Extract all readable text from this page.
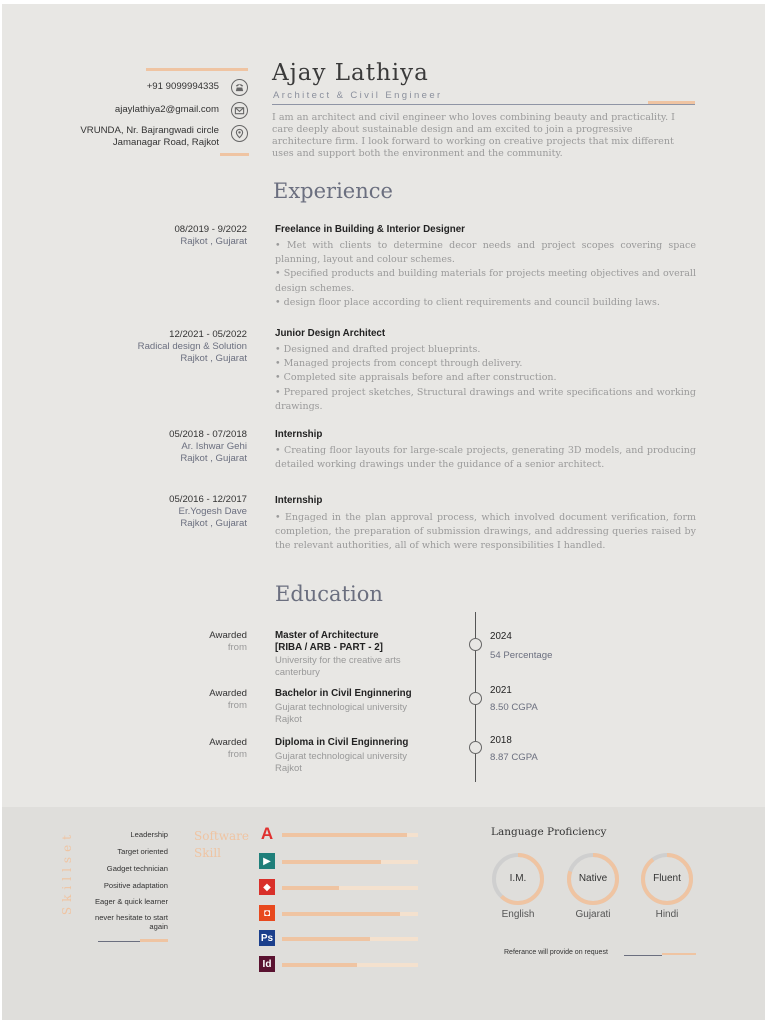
+91 9099994335
ajaylathiya2@gmail.com
VRUNDA, Nr. Bajrangwadi circle
Jamanagar Road, Rajkot
Ajay Lathiya
Architect & Civil Engineer
I am an architect and civil engineer who loves combining beauty and practicality. I care deeply about sustainable design and am excited to join a progressive architecture firm. I look forward to working on creative projects that mix different uses and support both the environment and the community.
Experience
08/2019 - 9/2022
Rajkot , Gujarat
Freelance in Building & Interior Designer
• Met with clients to determine decor needs and project scopes covering space planning, layout and colour schemes.
• Specified products and building materials for projects meeting objectives and overall design schemes.
• design floor place according to client requirements and council building laws.
12/2021 - 05/2022
Radical design & Solution
Rajkot , Gujarat
Junior Design Architect
• Designed and drafted project blueprints.
• Managed projects from concept through delivery.
• Completed site appraisals before and after construction.
• Prepared project sketches, Structural drawings and write specifications and working drawings.
05/2018 - 07/2018
Ar. Ishwar Gehi
Rajkot , Gujarat
Internship
• Creating floor layouts for large-scale projects, generating 3D models, and producing detailed working drawings under the guidance of a senior architect.
05/2016 - 12/2017
Er.Yogesh Dave
Rajkot , Gujarat
Internship
• Engaged in the plan approval process, which involved document verification, form completion, the preparation of submission drawings, and addressing queries raised by the relevant authorities, all of which were responsibilities I handled.
Education
Awarded
from
Master of Architecture
[RIBA / ARB - PART - 2]
University for the creative arts
canterbury
2024
54 Percentage
Awarded
from
Bachelor in Civil Enginnering
Gujarat technological university
Rajkot
2021
8.50 CGPA
Awarded
from
Diploma in Civil Enginnering
Gujarat technological university
Rajkot
2018
8.87 CGPA
Skillset	Leadership
Target oriented
Gadget technician
Positive adaptation
Eager & quick learner
never hesitate to start again
Software
Skill
A
▶
◆
◘
Ps
Id
Language Proficiency
I.M.
English
Native
Gujarati
Fluent
Hindi
Referance will provide on request
